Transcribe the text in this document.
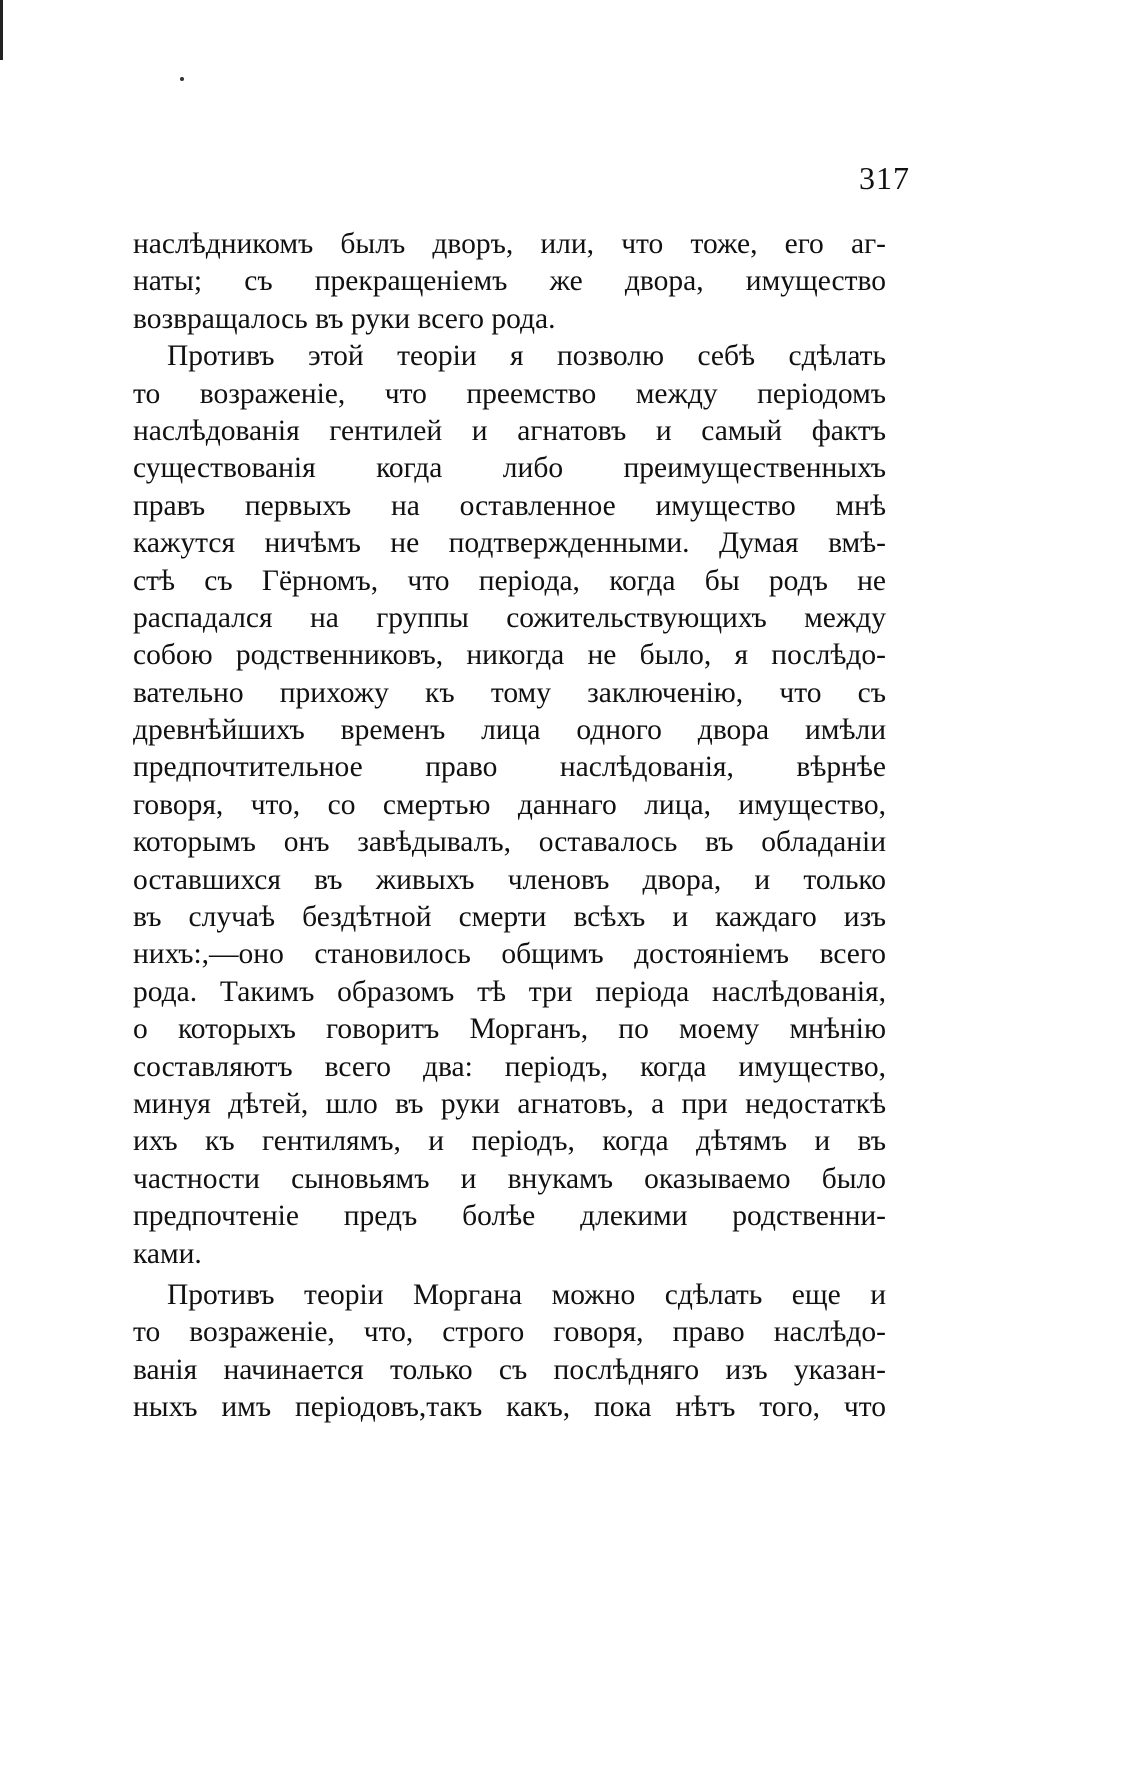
317
наслѣдникомъ былъ дворъ, или, что тоже, его аг-
наты; съ прекращеніемъ же двора, имущество
возвращалось въ руки всего рода.
Противъ этой теоріи я позволю себѣ сдѣлать
то возраженіе, что преемство между періодомъ
наслѣдованія гентилей и агнатовъ и самый фактъ
существованія когда либо преимущественныхъ
правъ первыхъ на оставленное имущество мнѣ
кажутся ничѣмъ не подтвержденными. Думая вмѣ-
стѣ съ Гёрномъ, что періода, когда бы родъ не
распадался на группы сожительствующихъ между
собою родственниковъ, никогда не было, я послѣдо-
вательно прихожу къ тому заключенію, что съ
древнѣйшихъ временъ лица одного двора имѣли
предпочтительное право наслѣдованія, вѣрнѣе
говоря, что, со смертью даннаго лица, имущество,
которымъ онъ завѣдывалъ, оставалось въ обладаніи
оставшихся въ живыхъ членовъ двора, и только
въ случаѣ бездѣтной смерти всѣхъ и каждаго изъ
нихъ:,—оно становилось общимъ достояніемъ всего
рода. Такимъ образомъ тѣ три періода наслѣдованія,
о которыхъ говоритъ Морганъ, по моему мнѣнію
составляютъ всего два: періодъ, когда имущество,
минуя дѣтей, шло въ руки агнатовъ, а при недостаткѣ
ихъ къ гентилямъ, и періодъ, когда дѣтямъ и въ
частности сыновьямъ и внукамъ оказываемо было
предпочтеніе предъ болѣе длекими родственни-
ками.
Противъ теоріи Моргана можно сдѣлать еще и
то возраженіе, что, строго говоря, право наслѣдо-
ванія начинается только съ послѣдняго изъ указан-
ныхъ имъ періодовъ,такъ какъ, пока нѣтъ того, что
